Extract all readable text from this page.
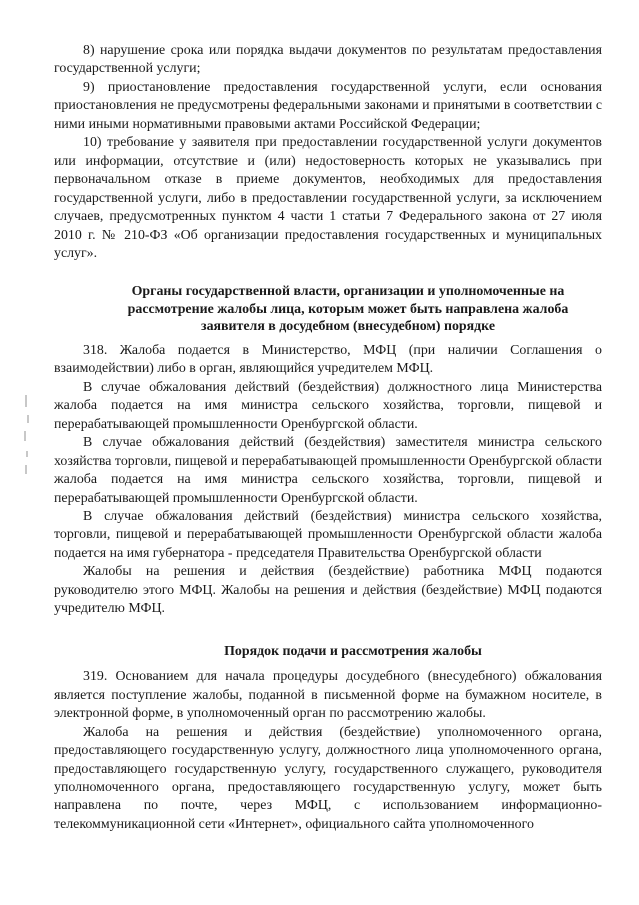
8) нарушение срока или порядка выдачи документов по результатам предоставления государственной услуги;

9) приостановление предоставления государственной услуги, если основания приостановления не предусмотрены федеральными законами и принятыми в соответствии с ними иными нормативными правовыми актами Российской Федерации;

10) требование у заявителя при предоставлении государственной услуги документов или информации, отсутствие и (или) недостоверность которых не указывались при первоначальном отказе в приеме документов, необходимых для предоставления государственной услуги, либо в предоставлении государственной услуги, за исключением случаев, предусмотренных пунктом 4 части 1 статьи 7 Федерального закона от 27 июля 2010 г. № 210-ФЗ «Об организации предоставления государственных и муниципальных услуг».

Органы государственной власти, организации и уполномоченные на рассмотрение жалобы лица, которым может быть направлена жалоба заявителя в досудебном (внесудебном) порядке

318. Жалоба подается в Министерство, МФЦ (при наличии Соглашения о взаимодействии) либо в орган, являющийся учредителем МФЦ.

В случае обжалования действий (бездействия) должностного лица Министерства жалоба подается на имя министра сельского хозяйства, торговли, пищевой и перерабатывающей промышленности Оренбургской области.

В случае обжалования действий (бездействия) заместителя министра сельского хозяйства торговли, пищевой и перерабатывающей промышленности Оренбургской области жалоба подается на имя министра сельского хозяйства, торговли, пищевой и перерабатывающей промышленности Оренбургской области.

В случае обжалования действий (бездействия) министра сельского хозяйства, торговли, пищевой и перерабатывающей промышленности Оренбургской области жалоба подается на имя губернатора - председателя Правительства Оренбургской области

Жалобы на решения и действия (бездействие) работника МФЦ подаются руководителю этого МФЦ. Жалобы на решения и действия (бездействие) МФЦ подаются учредителю МФЦ.

Порядок подачи и рассмотрения жалобы

319. Основанием для начала процедуры досудебного (внесудебного) обжалования является поступление жалобы, поданной в письменной форме на бумажном носителе, в электронной форме, в уполномоченный орган по рассмотрению жалобы.

Жалоба на решения и действия (бездействие) уполномоченного органа, предоставляющего государственную услугу, должностного лица уполномоченного органа, предоставляющего государственную услугу, государственного служащего, руководителя уполномоченного органа, предоставляющего государственную услугу, может быть направлена по почте, через МФЦ, с использованием информационно-телекоммуникационной сети «Интернет», официального сайта уполномоченного
